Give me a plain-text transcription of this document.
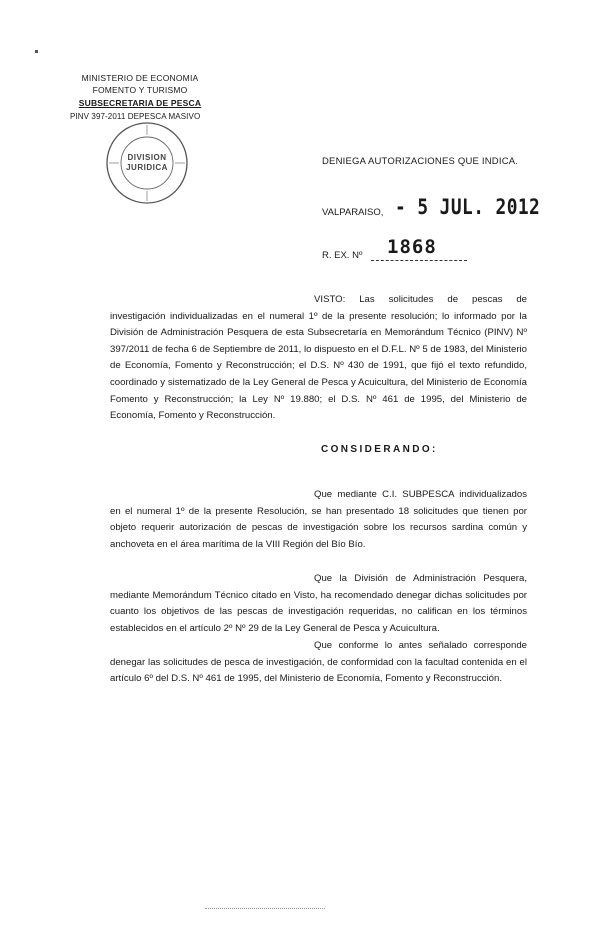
MINISTERIO DE ECONOMIA
FOMENTO Y TURISMO
SUBSECRETARIA DE PESCA
PINV 397-2011 DEPESCA MASIVO
DIVISION
JURIDICA
DENIEGA AUTORIZACIONES QUE INDICA.
VALPARAISO, - 5 JUL. 2012
R. EX. Nº 1868
VISTO: Las solicitudes de pescas de investigación individualizadas en el numeral 1º de la presente resolución; lo informado por la División de Administración Pesquera de esta Subsecretaría en Memorándum Técnico (PINV) Nº 397/2011 de fecha 6 de Septiembre de 2011, lo dispuesto en el D.F.L. Nº 5 de 1983, del Ministerio de Economía, Fomento y Reconstrucción; el D.S. Nº 430 de 1991, que fijó el texto refundido, coordinado y sistematizado de la Ley General de Pesca y Acuicultura, del Ministerio de Economía Fomento y Reconstrucción; la Ley Nº 19.880; el D.S. Nº 461 de 1995, del Ministerio de Economía, Fomento y Reconstrucción.
CONSIDERANDO:
Que mediante C.I. SUBPESCA individualizados en el numeral 1º de la presente Resolución, se han presentado 18 solicitudes que tienen por objeto requerir autorización de pescas de investigación sobre los recursos sardina común y anchoveta en el área marítima de la VIII Región del Bío Bío.
Que la División de Administración Pesquera, mediante Memorándum Técnico citado en Visto, ha recomendado denegar dichas solicitudes por cuanto los objetivos de las pescas de investigación requeridas, no califican en los términos establecidos en el artículo 2º Nº 29 de la Ley General de Pesca y Acuicultura.
Que conforme lo antes señalado corresponde denegar las solicitudes de pesca de investigación, de conformidad con la facultad contenida en el artículo 6º del D.S. Nº 461 de 1995, del Ministerio de Economía, Fomento y Reconstrucción.
